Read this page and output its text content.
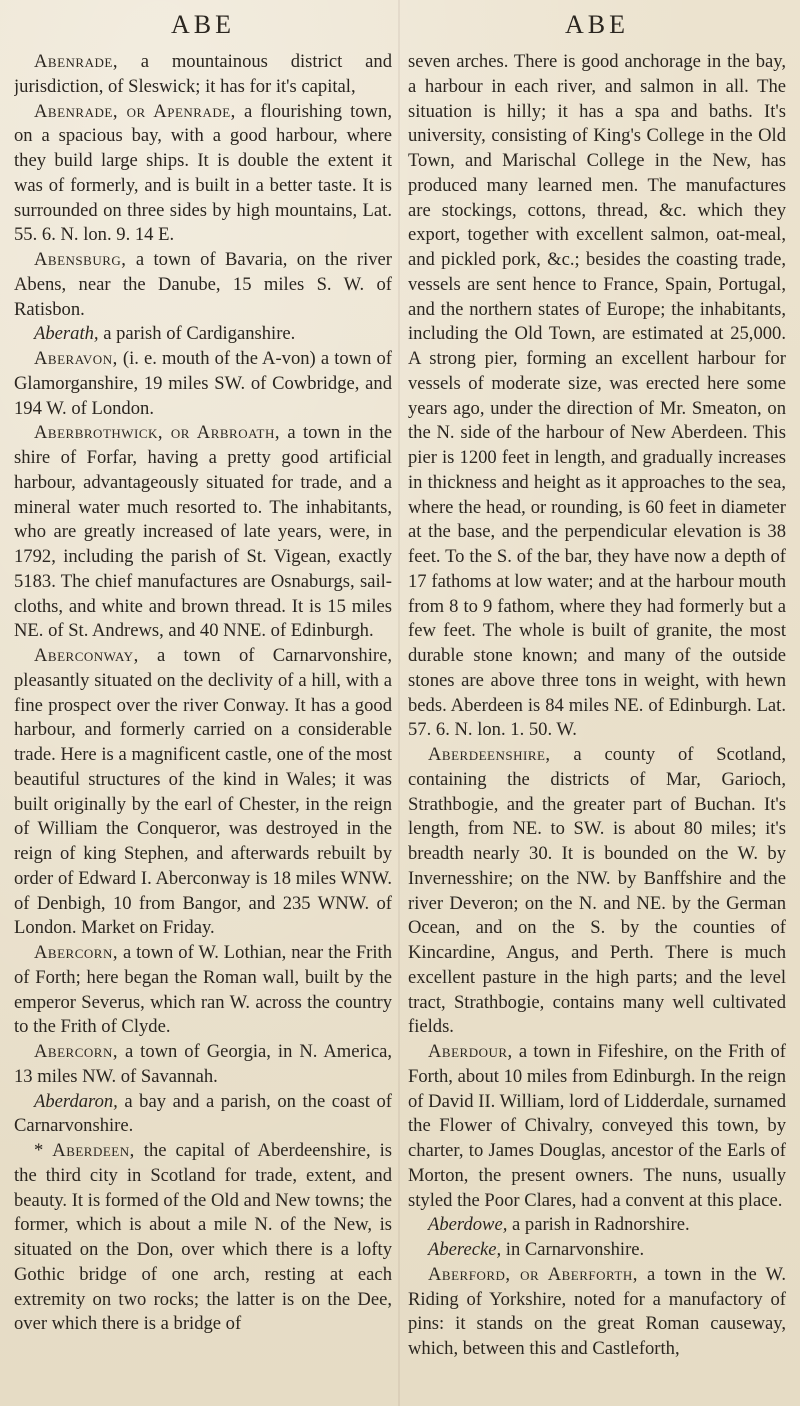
ABE

Abenrade, a mountainous district and jurisdiction, of Sleswick; it has for it's capital,

Abenrade, or Apenrade, a flourishing town, on a spacious bay, with a good harbour, where they build large ships. It is double the extent it was of formerly, and is built in a better taste. It is surrounded on three sides by high mountains, Lat. 55. 6. N. lon. 9. 14 E.

Abensburg, a town of Bavaria, on the river Abens, near the Danube, 15 miles S. W. of Ratisbon.

Aberath, a parish of Cardiganshire.

Aberavon, (i. e. mouth of the A-von) a town of Glamorganshire, 19 miles SW. of Cowbridge, and 194 W. of London.

Aberbrothwick, or Arbroath, a town in the shire of Forfar, having a pretty good artificial harbour, advantageously situated for trade, and a mineral water much resorted to. The inhabitants, who are greatly increased of late years, were, in 1792, including the parish of St. Vigean, exactly 5183. The chief manufactures are Osnaburgs, sail-cloths, and white and brown thread. It is 15 miles NE. of St. Andrews, and 40 NNE. of Edinburgh.

Aberconway, a town of Carnarvonshire, pleasantly situated on the declivity of a hill, with a fine prospect over the river Conway. It has a good harbour, and formerly carried on a considerable trade. Here is a magnificent castle, one of the most beautiful structures of the kind in Wales; it was built originally by the earl of Chester, in the reign of William the Conqueror, was destroyed in the reign of king Stephen, and afterwards rebuilt by order of Edward I. Aberconway is 18 miles WNW. of Denbigh, 10 from Bangor, and 235 WNW. of London. Market on Friday.

Abercorn, a town of W. Lothian, near the Frith of Forth; here began the Roman wall, built by the emperor Severus, which ran W. across the country to the Frith of Clyde.

Abercorn, a town of Georgia, in N. America, 13 miles NW. of Savannah.

Aberdaron, a bay and a parish, on the coast of Carnarvonshire.

* Aberdeen, the capital of Aberdeenshire, is the third city in Scotland for trade, extent, and beauty. It is formed of the Old and New towns; the former, which is about a mile N. of the New, is situated on the Don, over which there is a lofty Gothic bridge of one arch, resting at each extremity on two rocks; the latter is on the Dee, over which there is a bridge of

ABE

seven arches. There is good anchorage in the bay, a harbour in each river, and salmon in all. The situation is hilly; it has a spa and baths. It's university, consisting of King's College in the Old Town, and Marischal College in the New, has produced many learned men. The manufactures are stockings, cottons, thread, &c. which they export, together with excellent salmon, oat-meal, and pickled pork, &c.; besides the coasting trade, vessels are sent hence to France, Spain, Portugal, and the northern states of Europe; the inhabitants, including the Old Town, are estimated at 25,000. A strong pier, forming an excellent harbour for vessels of moderate size, was erected here some years ago, under the direction of Mr. Smeaton, on the N. side of the harbour of New Aberdeen. This pier is 1200 feet in length, and gradually increases in thickness and height as it approaches to the sea, where the head, or rounding, is 60 feet in diameter at the base, and the perpendicular elevation is 38 feet. To the S. of the bar, they have now a depth of 17 fathoms at low water; and at the harbour mouth from 8 to 9 fathom, where they had formerly but a few feet. The whole is built of granite, the most durable stone known; and many of the outside stones are above three tons in weight, with hewn beds. Aberdeen is 84 miles NE. of Edinburgh. Lat. 57. 6. N. lon. 1. 50. W.

Aberdeenshire, a county of Scotland, containing the districts of Mar, Garioch, Strathbogie, and the greater part of Buchan. It's length, from NE. to SW. is about 80 miles; it's breadth nearly 30. It is bounded on the W. by Invernesshire; on the NW. by Banffshire and the river Deveron; on the N. and NE. by the German Ocean, and on the S. by the counties of Kincardine, Angus, and Perth. There is much excellent pasture in the high parts; and the level tract, Strathbogie, contains many well cultivated fields.

Aberdour, a town in Fifeshire, on the Frith of Forth, about 10 miles from Edinburgh. In the reign of David II. William, lord of Lidderdale, surnamed the Flower of Chivalry, conveyed this town, by charter, to James Douglas, ancestor of the Earls of Morton, the present owners. The nuns, usually styled the Poor Clares, had a convent at this place.

Aberdowe, a parish in Radnorshire.

Aberecke, in Carnarvonshire.

Aberford, or Aberforth, a town in the W. Riding of Yorkshire, noted for a manufactory of pins: it stands on the great Roman causeway, which, between this and Castleforth,
